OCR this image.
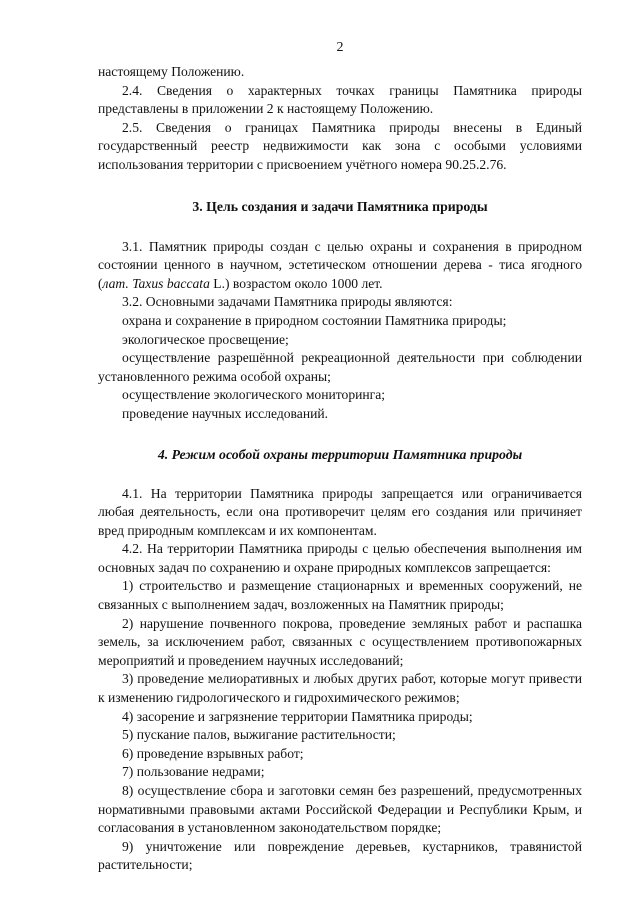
2

настоящему Положению.

2.4. Сведения о характерных точках границы Памятника природы представлены в приложении 2 к настоящему Положению.

2.5. Сведения о границах Памятника природы внесены в Единый государственный реестр недвижимости как зона с особыми условиями использования территории с присвоением учётного номера 90.25.2.76.

3. Цель создания и задачи Памятника природы

3.1. Памятник природы создан с целью охраны и сохранения в природном состоянии ценного в научном, эстетическом отношении дерева - тиса ягодного (лат. Taxus baccata L.) возрастом около 1000 лет.

3.2. Основными задачами Памятника природы являются:

охрана и сохранение в природном состоянии Памятника природы;

экологическое просвещение;

осуществление разрешённой рекреационной деятельности при соблюдении установленного режима особой охраны;

осуществление экологического мониторинга;

проведение научных исследований.

4. Режим особой охраны территории Памятника природы

4.1. На территории Памятника природы запрещается или ограничивается любая деятельность, если она противоречит целям его создания или причиняет вред природным комплексам и их компонентам.

4.2. На территории Памятника природы с целью обеспечения выполнения им основных задач по сохранению и охране природных комплексов запрещается:

1) строительство и размещение стационарных и временных сооружений, не связанных с выполнением задач, возложенных на Памятник природы;

2) нарушение почвенного покрова, проведение земляных работ и распашка земель, за исключением работ, связанных с осуществлением противопожарных мероприятий и проведением научных исследований;

3) проведение мелиоративных и любых других работ, которые могут привести к изменению гидрологического и гидрохимического режимов;

4) засорение и загрязнение территории Памятника природы;

5) пускание палов, выжигание растительности;

6) проведение взрывных работ;

7) пользование недрами;

8) осуществление сбора и заготовки семян без разрешений, предусмотренных нормативными правовыми актами Российской Федерации и Республики Крым, и согласования в установленном законодательством порядке;

9) уничтожение или повреждение деревьев, кустарников, травянистой растительности;
